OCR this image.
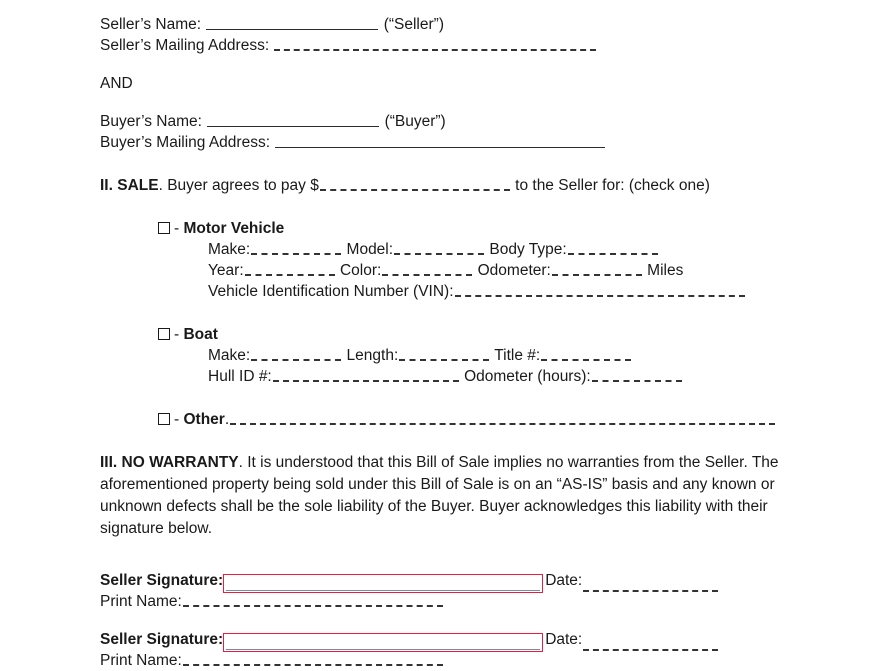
Seller’s Name:	(“Seller”)
Seller’s Mailing Address:
AND
Buyer’s Name:	(“Buyer”)
Buyer’s Mailing Address:
II. SALE. Buyer agrees to pay $	to the Seller for: (check one)
- Motor Vehicle
Make:	Model:	Body Type:
Year:	Color:	Odometer:	Miles
Vehicle Identification Number (VIN):
- Boat
Make:	Length:	Title #:
Hull ID #:	Odometer (hours):
- Other.
III. NO WARRANTY. It is understood that this Bill of Sale implies no warranties from the Seller. The aforementioned property being sold under this Bill of Sale is on an “AS-IS” basis and any known or unknown defects shall be the sole liability of the Buyer. Buyer acknowledges this liability with their signature below.
Seller Signature :	Date:
Print Name:
Seller Signature :	Date:
Print Name:
